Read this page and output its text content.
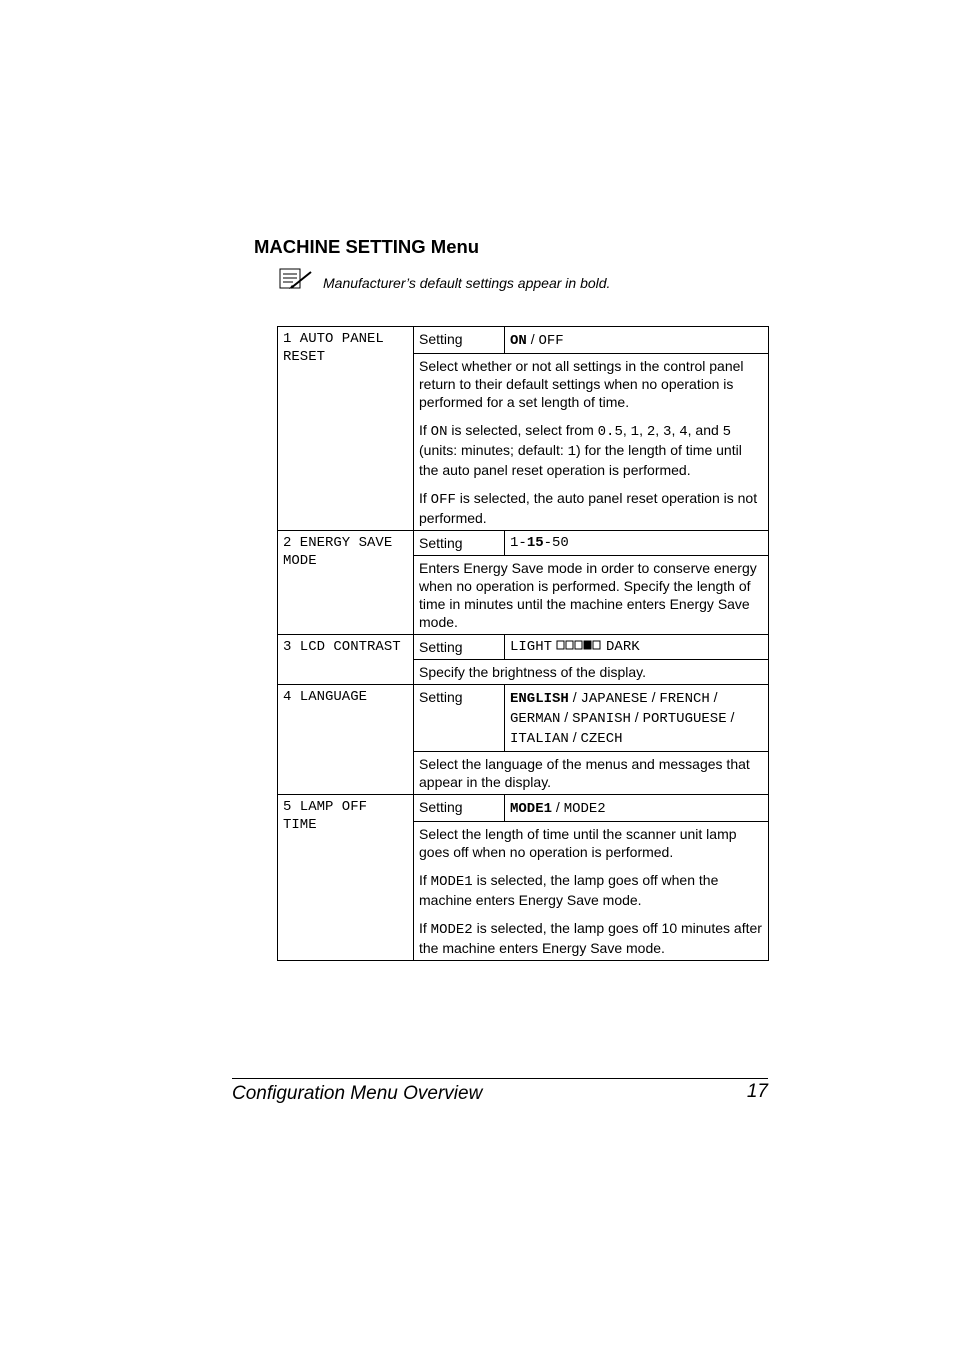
MACHINE SETTING Menu
Manufacturer’s default settings appear in bold.
1 AUTO PANEL RESET	Setting	ON / OFF

	Select whether or not all settings in the control panel return to their default settings when no operation is performed for a set length of time.

If ON is selected, select from 0.5, 1, 2, 3, 4, and 5 (units: minutes; default: 1) for the length of time until the auto panel reset operation is performed.

If OFF is selected, the auto panel reset operation is not performed.	

2 ENERGY SAVE MODE	Setting	1-15-50

	Enters Energy Save mode in order to conserve energy when no operation is performed. Specify the length of time in minutes until the machine enters Energy Save mode.	

3 LCD CONTRAST	Setting	LIGHT DARK

	Specify the brightness of the display.	

4 LANGUAGE	Setting	ENGLISH / JAPANESE / FRENCH / GERMAN / SPANISH / PORTUGUESE / ITALIAN / CZECH

	Select the language of the menus and messages that appear in the display.	

5 LAMP OFF TIME	Setting	MODE1 / MODE2

	Select the length of time until the scanner unit lamp goes off when no operation is performed.

If MODE1 is selected, the lamp goes off when the machine enters Energy Save mode.

If MODE2 is selected, the lamp goes off 10 minutes after the machine enters Energy Save mode.	

Configuration Menu Overview	17
